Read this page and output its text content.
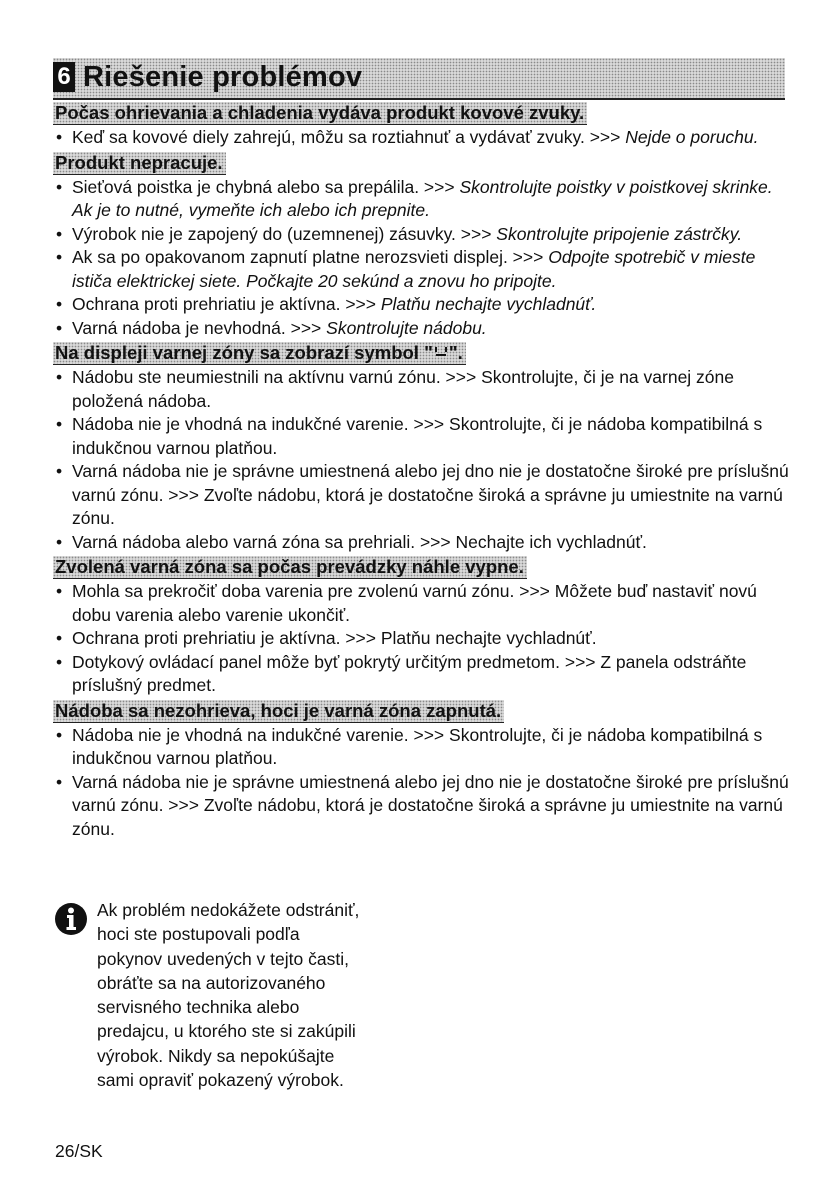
6 Riešenie problémov
Počas ohrievania a chladenia vydáva produkt kovové zvuky.
• Keď sa kovové diely zahrejú, môžu sa roztiahnuť a vydávať zvuky. >>> Nejde o poruchu.
Produkt nepracuje.
• Sieťová poistka je chybná alebo sa prepálila. >>> Skontrolujte poistky v poistkovej skrinke. Ak je to nutné, vymeňte ich alebo ich prepnite.
• Výrobok nie je zapojený do (uzemnenej) zásuvky. >>> Skontrolujte pripojenie zástrčky.
• Ak sa po opakovanom zapnutí platne nerozsvieti displej. >>> Odpojte spotrebič v mieste ističa elektrickej siete. Počkajte 20 sekúnd a znovu ho pripojte.
• Ochrana proti prehriatiu je aktívna. >>> Platňu nechajte vychladnúť.
• Varná nádoba je nevhodná. >>> Skontrolujte nádobu.
Na displeji varnej zóny sa zobrazí symbol " ".
• Nádobu ste neumiestnili na aktívnu varnú zónu. >>> Skontrolujte, či je na varnej zóne položená nádoba.
• Nádoba nie je vhodná na indukčné varenie. >>> Skontrolujte, či je nádoba kompatibilná s indukčnou varnou platňou.
• Varná nádoba nie je správne umiestnená alebo jej dno nie je dostatočne široké pre príslušnú varnú zónu. >>> Zvoľte nádobu, ktorá je dostatočne široká a správne ju umiestnite na varnú zónu.
• Varná nádoba alebo varná zóna sa prehriali. >>> Nechajte ich vychladnúť.
Zvolená varná zóna sa počas prevádzky náhle vypne.
• Mohla sa prekročiť doba varenia pre zvolenú varnú zónu. >>> Môžete buď nastaviť novú dobu varenia alebo varenie ukončiť.
• Ochrana proti prehriatiu je aktívna. >>> Platňu nechajte vychladnúť.
• Dotykový ovládací panel môže byť pokrytý určitým predmetom. >>> Z panela odstráňte príslušný predmet.
Nádoba sa nezohrieva, hoci je varná zóna zapnutá.
• Nádoba nie je vhodná na indukčné varenie. >>> Skontrolujte, či je nádoba kompatibilná s indukčnou varnou platňou.
• Varná nádoba nie je správne umiestnená alebo jej dno nie je dostatočne široké pre príslušnú varnú zónu. >>> Zvoľte nádobu, ktorá je dostatočne široká a správne ju umiestnite na varnú zónu.
Ak problém nedokážete odstrániť,
hoci ste postupovali podľa
pokynov uvedených v tejto časti,
obráťte sa na autorizovaného
servisného technika alebo
predajcu, u ktorého ste si zakúpili
výrobok. Nikdy sa nepokúšajte
sami opraviť pokazený výrobok.
26/SK
